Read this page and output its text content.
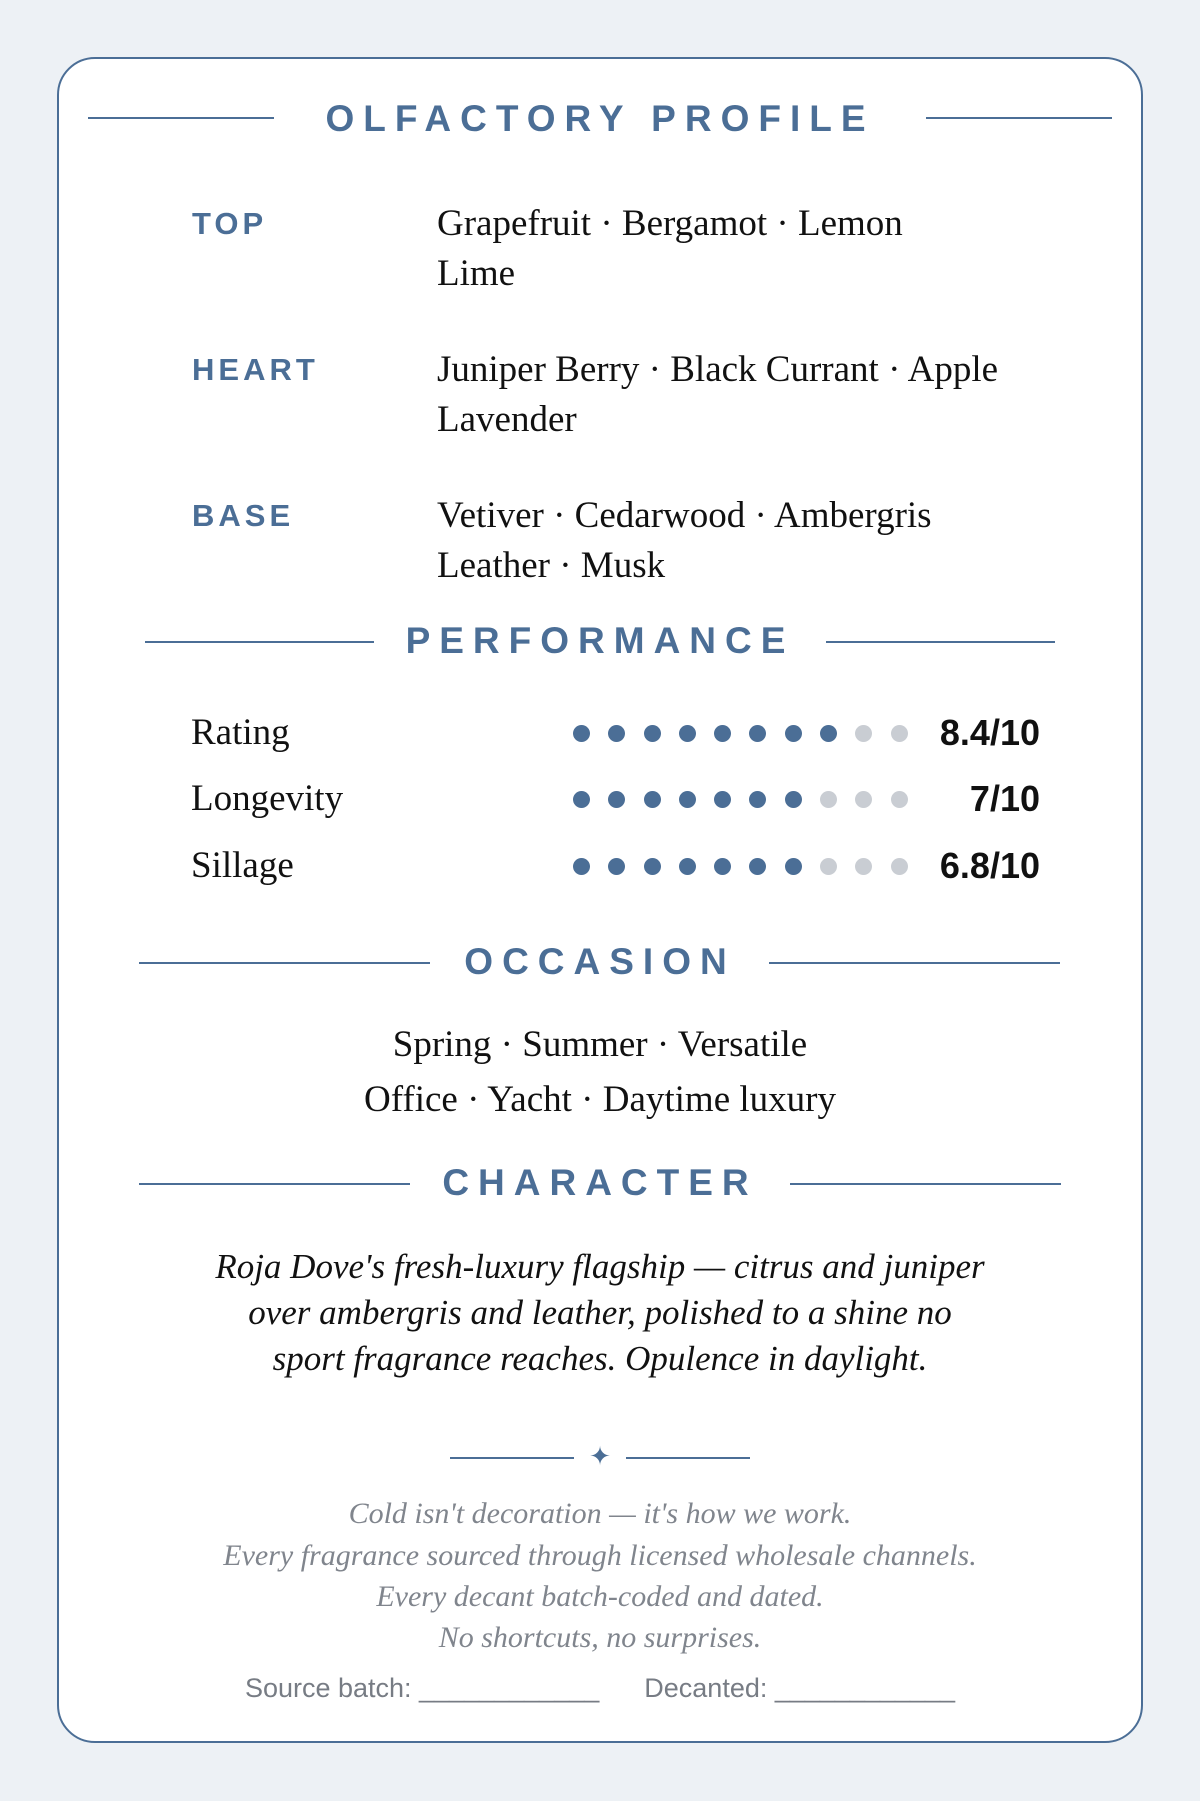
OLFACTORY PROFILE
TOP	Grapefruit · Bergamot · Lemon
Lime
HEART	Juniper Berry · Black Currant · Apple
Lavender
BASE	Vetiver · Cedarwood · Ambergris
Leather · Musk
PERFORMANCE
Rating	8.4/10
Longevity	7/10
Sillage	6.8/10
OCCASION
Spring · Summer · Versatile
Office · Yacht · Daytime luxury
CHARACTER
Roja Dove's fresh-luxury flagship — citrus and juniper
over ambergris and leather, polished to a shine no
sport fragrance reaches. Opulence in daylight.
✦
Cold isn't decoration — it's how we work.
Every fragrance sourced through licensed wholesale channels.
Every decant batch-coded and dated.
No shortcuts, no surprises.
Source batch: ____________ Decanted: ____________
